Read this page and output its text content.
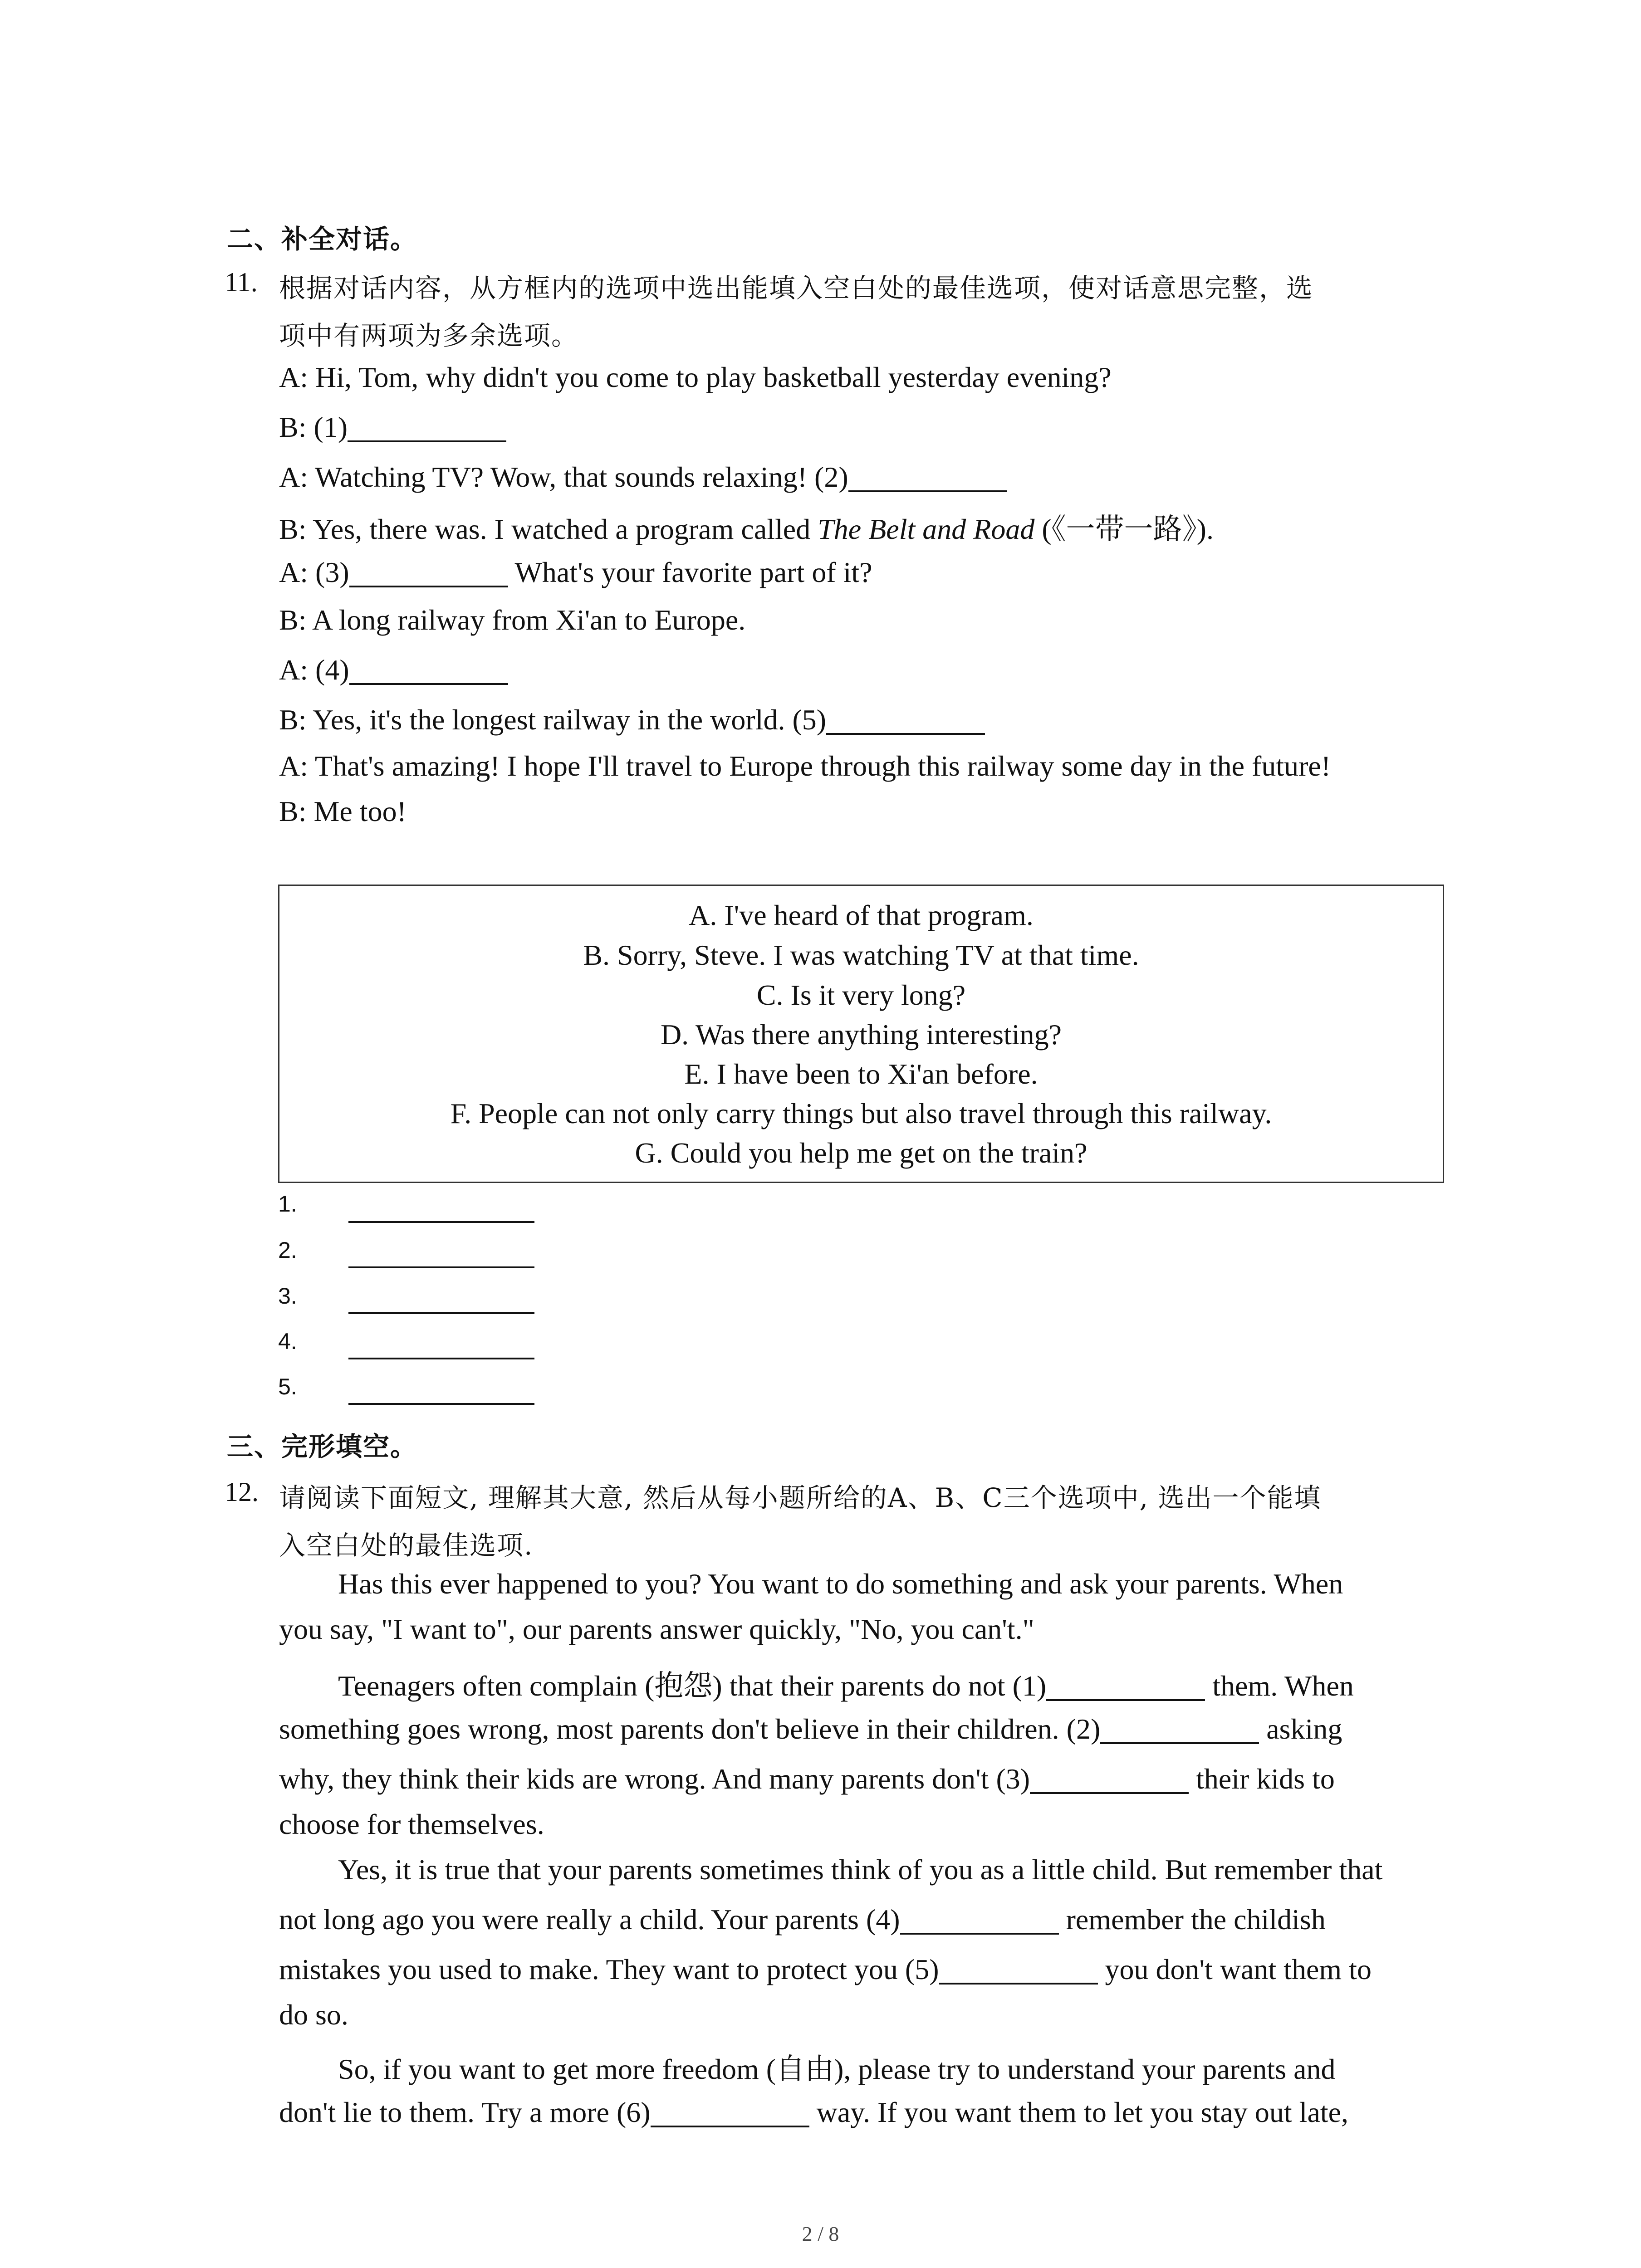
二、补全对话。
11. 根据对话内容，从方框内的选项中选出能填入空白处的最佳选项，使对话意思完整，选
项中有两项为多余选项。
A: Hi, Tom, why didn't you come to play basketball yesterday evening?
B: (1)
A: Watching TV? Wow, that sounds relaxing! (2)
B: Yes, there was. I watched a program called The Belt and Road (《一带一路》).
A: (3)	What's your favorite part of it?
B: A long railway from Xi'an to Europe.
A: (4)
B: Yes, it's the longest railway in the world. (5)
A: That's amazing! I hope I'll travel to Europe through this railway some day in the future!
B: Me too!
A. I've heard of that program.
B. Sorry, Steve. I was watching TV at that time.
C. Is it very long?
D. Was there anything interesting?
E. I have been to Xi'an before.
F. People can not only carry things but also travel through this railway.
G. Could you help me get on the train?
1.
2.
3.
4.
5.
三、完形填空。
12. 请阅读下面短文, 理解其大意, 然后从每小题所给的A、B、C三个选项中, 选出一个能填
入空白处的最佳选项.
Has this ever happened to you? You want to do something and ask your parents. When
you say, "I want to", our parents answer quickly, "No, you can't."
Teenagers often complain (抱怨) that their parents do not (1)	them. When
something goes wrong, most parents don't believe in their children. (2)	asking
why, they think their kids are wrong. And many parents don't (3)	their kids to
choose for themselves.
Yes, it is true that your parents sometimes think of you as a little child. But remember that
not long ago you were really a child. Your parents (4)	remember the childish
mistakes you used to make. They want to protect you (5)	you don't want them to
do so.
So, if you want to get more freedom (自由), please try to understand your parents and
don't lie to them. Try a more (6)	way. If you want them to let you stay out late,
2 / 8
